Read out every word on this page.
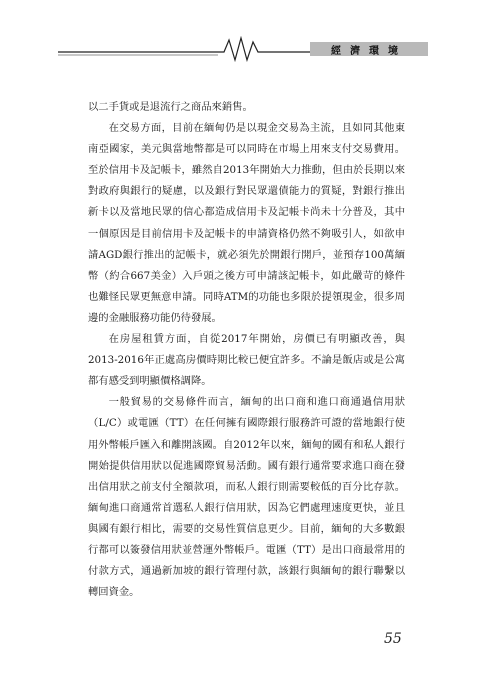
經濟環境

以二手貨或是退流行之商品來銷售。

在交易方面，目前在緬甸仍是以現金交易為主流，且如同其他東南亞國家，美元與當地幣都是可以同時在市場上用來支付交易費用。至於信用卡及記帳卡，雖然自2013年開始大力推動，但由於長期以來對政府與銀行的疑慮，以及銀行對民眾還債能力的質疑，對銀行推出新卡以及當地民眾的信心都造成信用卡及記帳卡尚未十分普及，其中一個原因是目前信用卡及記帳卡的申請資格仍然不夠吸引人，如欲申請AGD銀行推出的記帳卡，就必須先於開銀行開戶，並預存100萬緬幣（約合667美金）入戶頭之後方可申請該記帳卡，如此嚴苛的條件也難怪民眾更無意申請。同時ATM的功能也多限於提領現金，很多周邊的金融服務功能仍待發展。

在房屋租賃方面，自從2017年開始，房價已有明顯改善，與2013-2016年正處高房價時期比較已便宜許多。不論是飯店或是公寓都有感受到明顯價格調降。

一般貿易的交易條件而言，緬甸的出口商和進口商通過信用狀（L/C）或電匯（TT）在任何擁有國際銀行服務許可證的當地銀行使用外幣帳戶匯入和離開該國。自2012年以來，緬甸的國有和私人銀行開始提供信用狀以促進國際貿易活動。國有銀行通常要求進口商在發出信用狀之前支付全額款項，而私人銀行則需要較低的百分比存款。緬甸進口商通常首選私人銀行信用狀，因為它們處理速度更快，並且與國有銀行相比，需要的交易性質信息更少。目前，緬甸的大多數銀行都可以簽發信用狀並營運外幣帳戶。電匯（TT）是出口商最常用的付款方式，通過新加坡的銀行管理付款，該銀行與緬甸的銀行聯繫以轉回資金。

55
